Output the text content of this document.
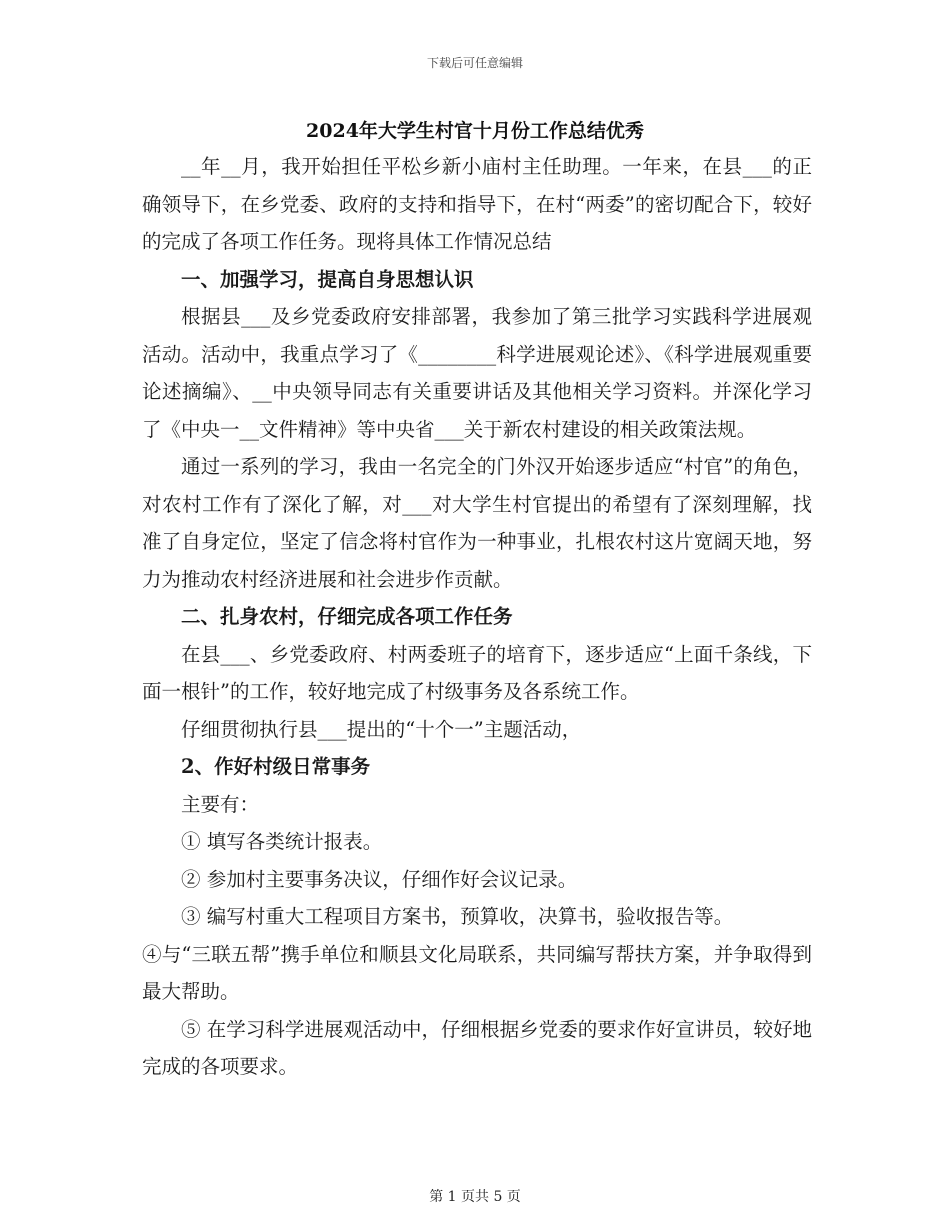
下载后可任意编辑
2024年大学生村官十月份工作总结优秀

__年__月，我开始担任平松乡新小庙村主任助理。一年来，在县___的正确领导下，在乡党委、政府的支持和指导下，在村“两委”的密切配合下，较好的完成了各项工作任务。现将具体工作情况总结

一、加强学习，提高自身思想认识

根据县___及乡党委政府安排部署，我参加了第三批学习实践科学进展观活动。活动中，我重点学习了《________科学进展观论述》、《科学进展观重要论述摘编》、__中央领导同志有关重要讲话及其他相关学习资料。并深化学习了《中央一__文件精神》等中央省___关于新农村建设的相关政策法规。

通过一系列的学习，我由一名完全的门外汉开始逐步适应“村官”的角色，对农村工作有了深化了解，对___对大学生村官提出的希望有了深刻理解，找准了自身定位，坚定了信念将村官作为一种事业，扎根农村这片宽阔天地，努力为推动农村经济进展和社会进步作贡献。

二、扎身农村，仔细完成各项工作任务

在县___、乡党委政府、村两委班子的培育下，逐步适应“上面千条线，下面一根针”的工作，较好地完成了村级事务及各系统工作。

仔细贯彻执行县___提出的“十个一”主题活动，

2、作好村级日常事务

主要有：

① 填写各类统计报表。

② 参加村主要事务决议，仔细作好会议记录。

③ 编写村重大工程项目方案书，预算收，决算书，验收报告等。

④与“三联五帮”携手单位和顺县文化局联系，共同编写帮扶方案，并争取得到最大帮助。

⑤ 在学习科学进展观活动中，仔细根据乡党委的要求作好宣讲员，较好地完成的各项要求。

第 1 页共 5 页
